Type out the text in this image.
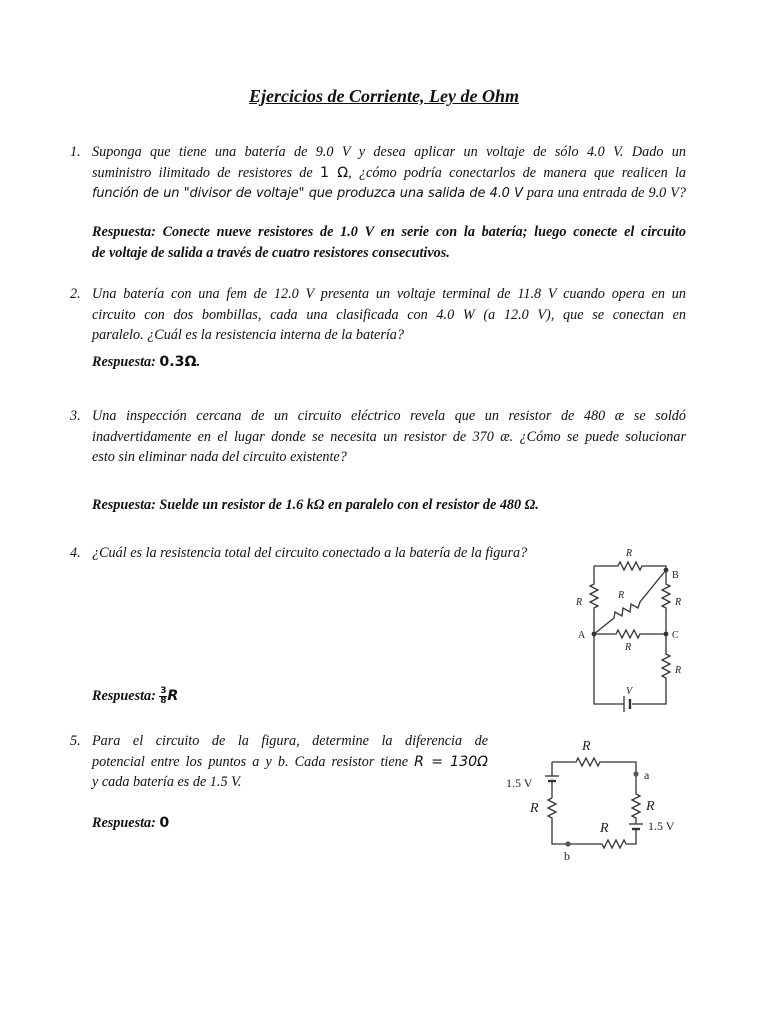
Ejercicios de Corriente, Ley de Ohm
1. Suponga que tiene una batería de 9.0 V y desea aplicar un voltaje de sólo 4.0 V. Dado un
suministro ilimitado de resistores de 1 Ω, ¿cómo podría conectarlos de manera que realicen la
función de un "divisor de voltaje" que produzca una salida de 4.0 V para una entrada de 9.0 V?
Respuesta: Conecte nueve resistores de 1.0 V en serie con la batería; luego conecte el circuito
de voltaje de salida a través de cuatro resistores consecutivos.
2. Una batería con una fem de 12.0 V presenta un voltaje terminal de 11.8 V cuando opera en un
circuito con dos bombillas, cada una clasificada con 4.0 W (a 12.0 V), que se conectan en
paralelo. ¿Cuál es la resistencia interna de la batería?
Respuesta: 0.3Ω.
3. Una inspección cercana de un circuito eléctrico revela que un resistor de 480 æ se soldó
inadvertidamente en el lugar donde se necesita un resistor de 370 æ. ¿Cómo se puede solucionar
esto sin eliminar nada del circuito existente?
Respuesta: Suelde un resistor de 1.6 kΩ en paralelo con el resistor de 480 Ω.
4. ¿Cuál es la resistencia total del circuito conectado a la batería de la figura?
Respuesta: $\frac{3}{8}$ R
R
B
R
R
R
A	C
R
R
V
5. Para el circuito de la figura, determine la diferencia de
potencial entre los puntos a y b. Cada resistor tiene R = 130Ω
y cada batería es de 1.5 V.
Respuesta: 0
R
1.5 V
a
R	R
R	1.5 V
b
